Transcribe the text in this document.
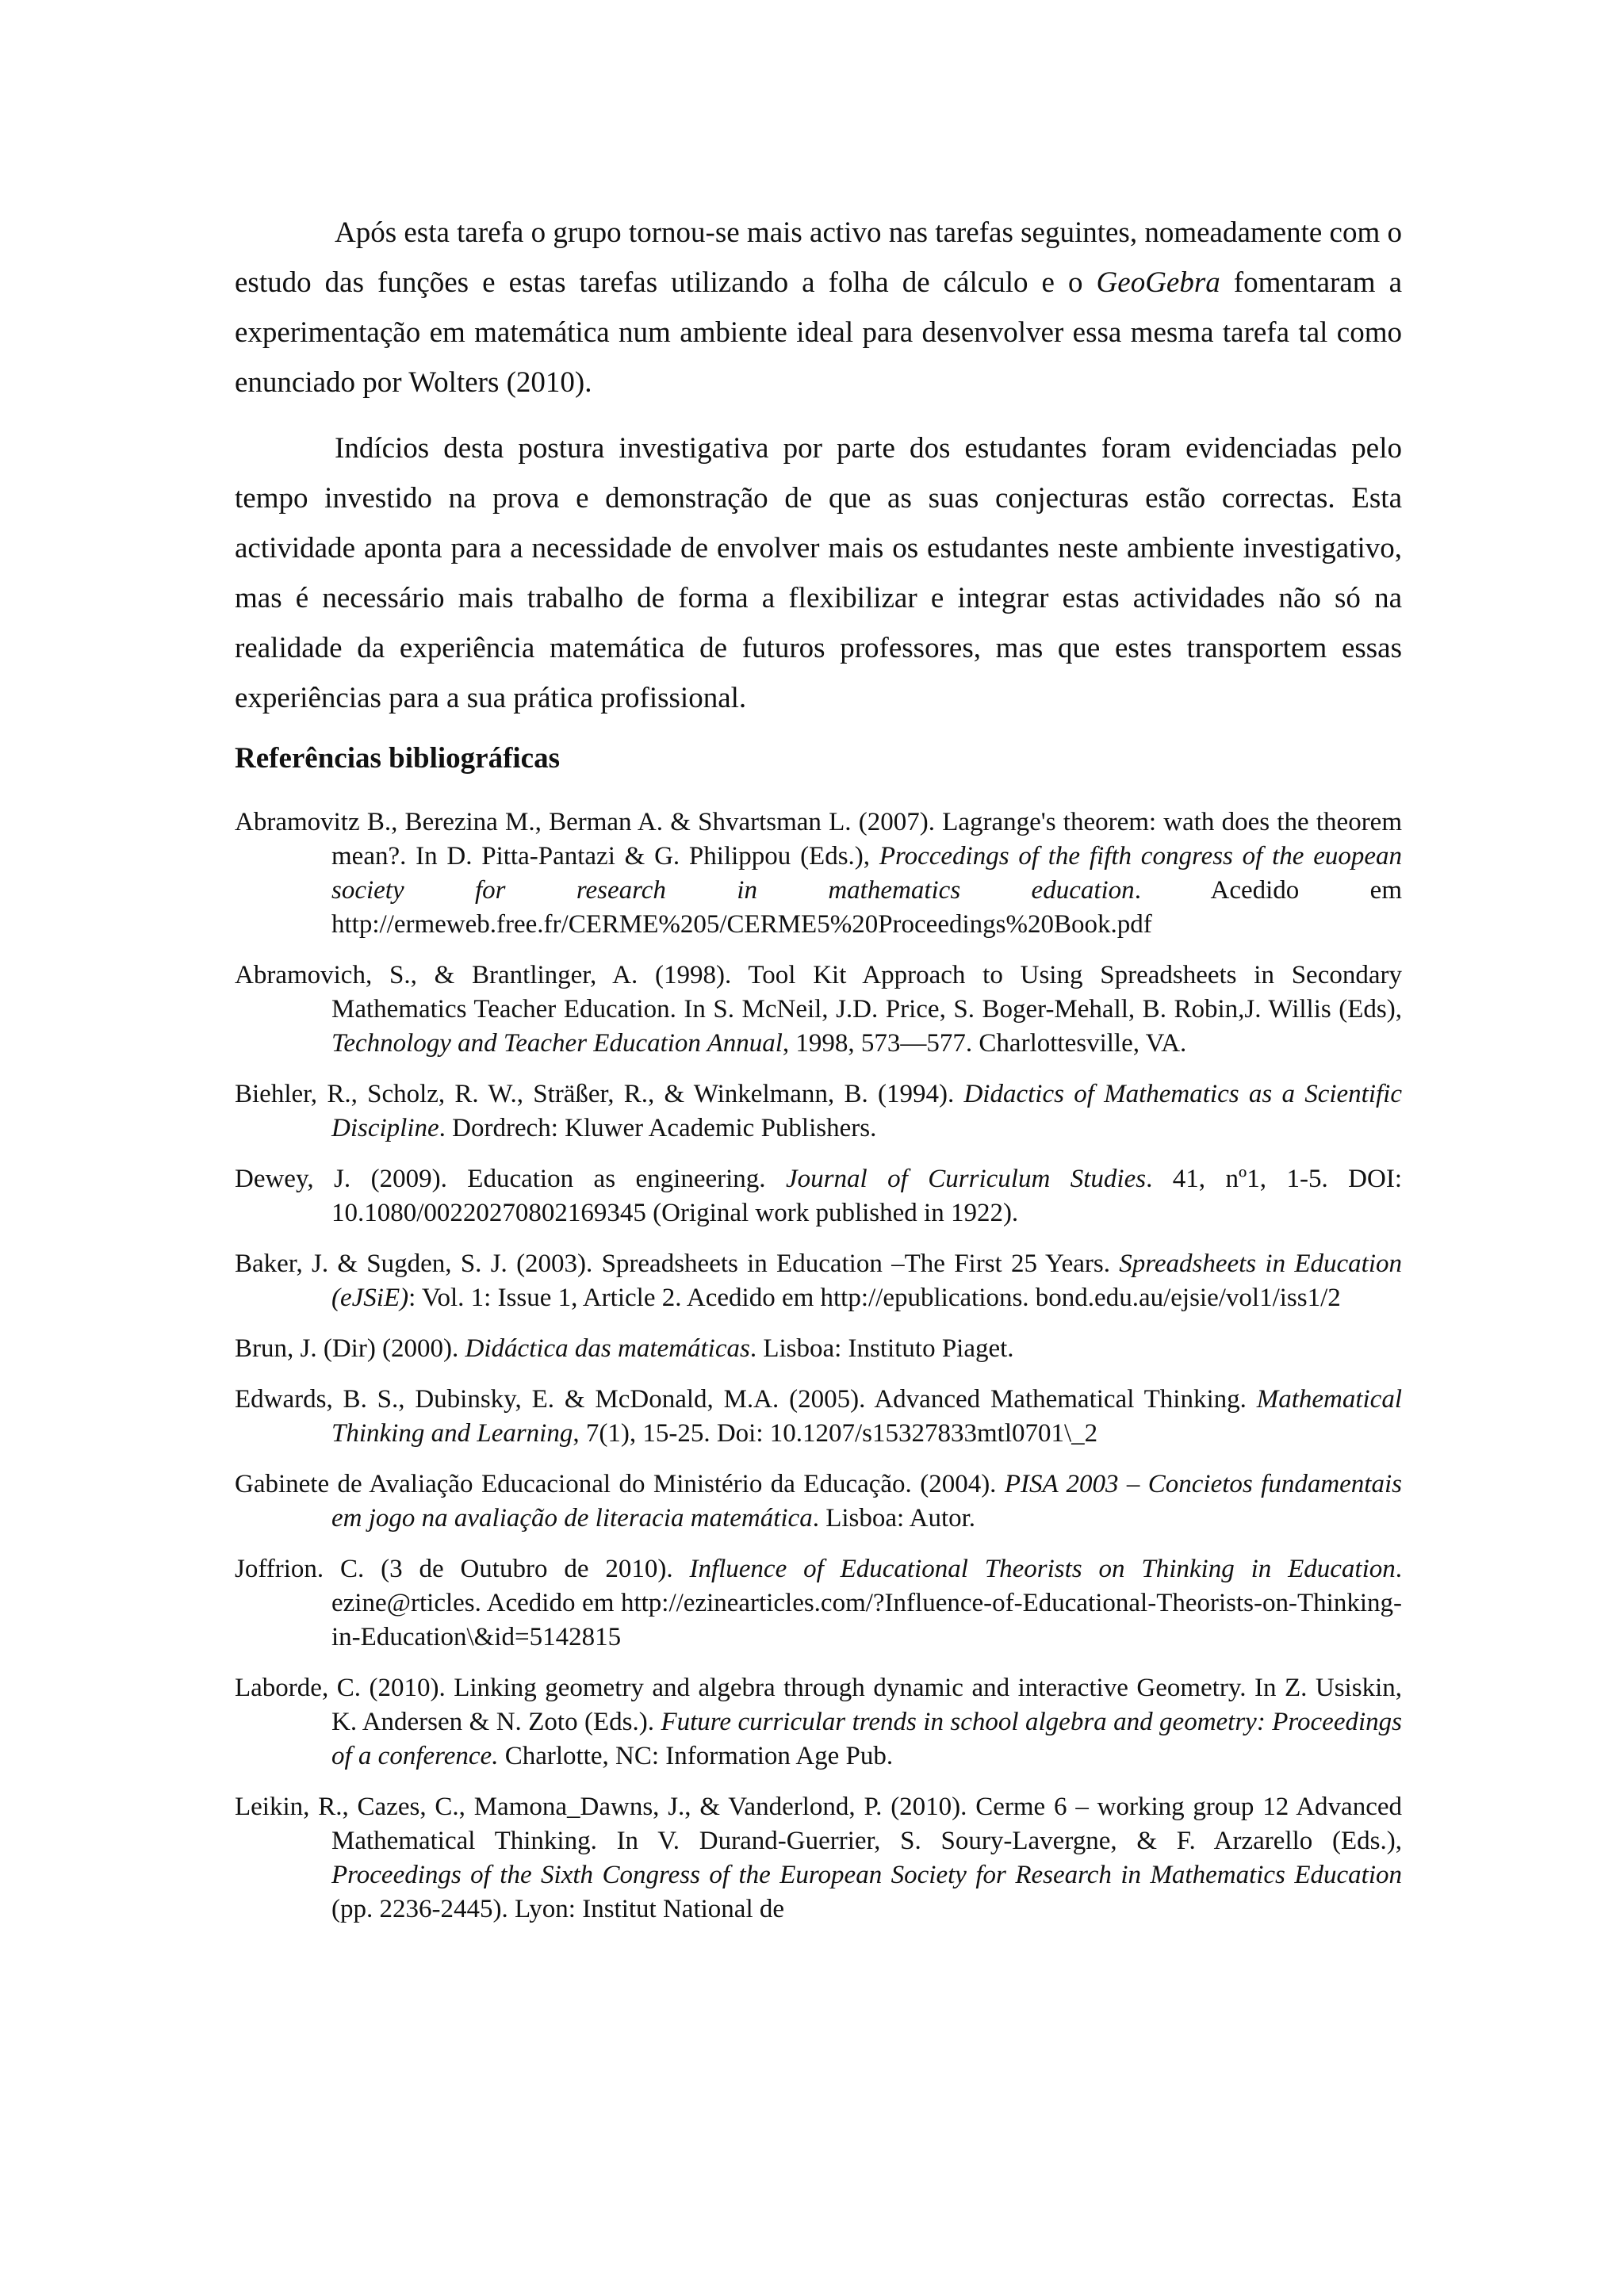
Após esta tarefa o grupo tornou-se mais activo nas tarefas seguintes, nomeadamente com o estudo das funções e estas tarefas utilizando a folha de cálculo e o GeoGebra fomentaram a experimentação em matemática num ambiente ideal para desenvolver essa mesma tarefa tal como enunciado por Wolters (2010).

Indícios desta postura investigativa por parte dos estudantes foram evidenciadas pelo tempo investido na prova e demonstração de que as suas conjecturas estão correctas. Esta actividade aponta para a necessidade de envolver mais os estudantes neste ambiente investigativo, mas é necessário mais trabalho de forma a flexibilizar e integrar estas actividades não só na realidade da experiência matemática de futuros professores, mas que estes transportem essas experiências para a sua prática profissional.

Referências bibliográficas

Abramovitz B., Berezina M., Berman A. & Shvartsman L. (2007). Lagrange's theorem: wath does the theorem mean?. In D. Pitta-Pantazi & G. Philippou (Eds.), Proccedings of the fifth congress of the euopean society for research in mathematics education. Acedido em http://ermeweb.free.fr/CERME%205/CERME5%20Proceedings%20Book.pdf

Abramovich, S., & Brantlinger, A. (1998). Tool Kit Approach to Using Spreadsheets in Secondary Mathematics Teacher Education. In S. McNeil, J.D. Price, S. Boger-Mehall, B. Robin,J. Willis (Eds), Technology and Teacher Education Annual, 1998, 573—577. Charlottesville, VA.

Biehler, R., Scholz, R. W., Sträßer, R., & Winkelmann, B. (1994). Didactics of Mathematics as a Scientific Discipline. Dordrech: Kluwer Academic Publishers.

Dewey, J. (2009). Education as engineering. Journal of Curriculum Studies. 41, nº1, 1-5. DOI: 10.1080/00220270802169345 (Original work published in 1922).

Baker, J. & Sugden, S. J. (2003). Spreadsheets in Education –The First 25 Years. Spreadsheets in Education (eJSiE): Vol. 1: Issue 1, Article 2. Acedido em http://epublications. bond.edu.au/ejsie/vol1/iss1/2

Brun, J. (Dir) (2000). Didáctica das matemáticas. Lisboa: Instituto Piaget.

Edwards, B. S., Dubinsky, E. & McDonald, M.A. (2005). Advanced Mathematical Thinking. Mathematical Thinking and Learning, 7(1), 15-25. Doi: 10.1207/s15327833mtl0701\_2

Gabinete de Avaliação Educacional do Ministério da Educação. (2004). PISA 2003 – Concietos fundamentais em jogo na avaliação de literacia matemática. Lisboa: Autor.

Joffrion. C. (3 de Outubro de 2010). Influence of Educational Theorists on Thinking in Education. ezine@rticles. Acedido em http://ezinearticles.com/?Influence-of-Educational-Theorists-on-Thinking-in-Education\&id=5142815

Laborde, C. (2010). Linking geometry and algebra through dynamic and interactive Geometry. In Z. Usiskin, K. Andersen & N. Zoto (Eds.). Future curricular trends in school algebra and geometry: Proceedings of a conference. Charlotte, NC: Information Age Pub.

Leikin, R., Cazes, C., Mamona_Dawns, J., & Vanderlond, P. (2010). Cerme 6 – working group 12 Advanced Mathematical Thinking. In V. Durand-Guerrier, S. Soury-Lavergne, & F. Arzarello (Eds.), Proceedings of the Sixth Congress of the European Society for Research in Mathematics Education (pp. 2236-2445). Lyon: Institut National de
